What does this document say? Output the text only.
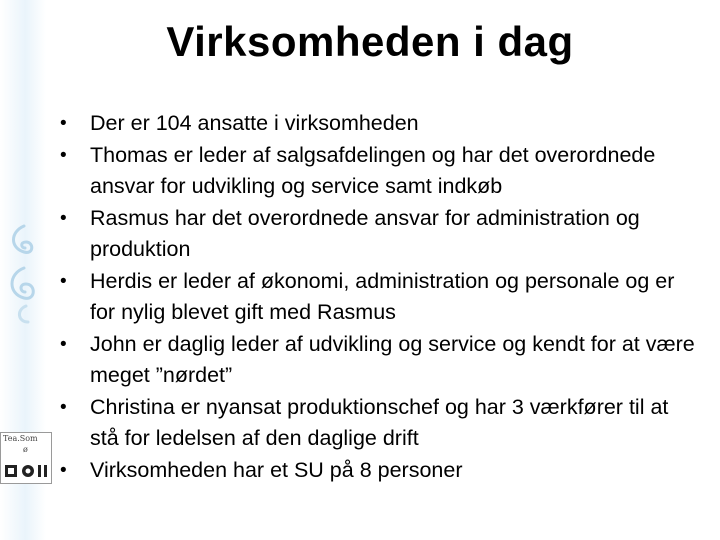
Virksomheden i dag
•	Der er 104 ansatte i virksomheden
•	Thomas er leder af salgsafdelingen og har det overordnede ansvar for udvikling og service samt indkøb
•	Rasmus har det overordnede ansvar for administration og produktion
•	Herdis er leder af økonomi, administration og personale og er for nylig blevet gift med Rasmus
•	John er daglig leder af udvikling og service og kendt for at være meget ”nørdet”
•	Christina er nyansat produktionschef og har 3 værkfører til at stå for ledelsen af den daglige drift
•	Virksomheden har et SU på 8 personer
Tea.Som
ø
